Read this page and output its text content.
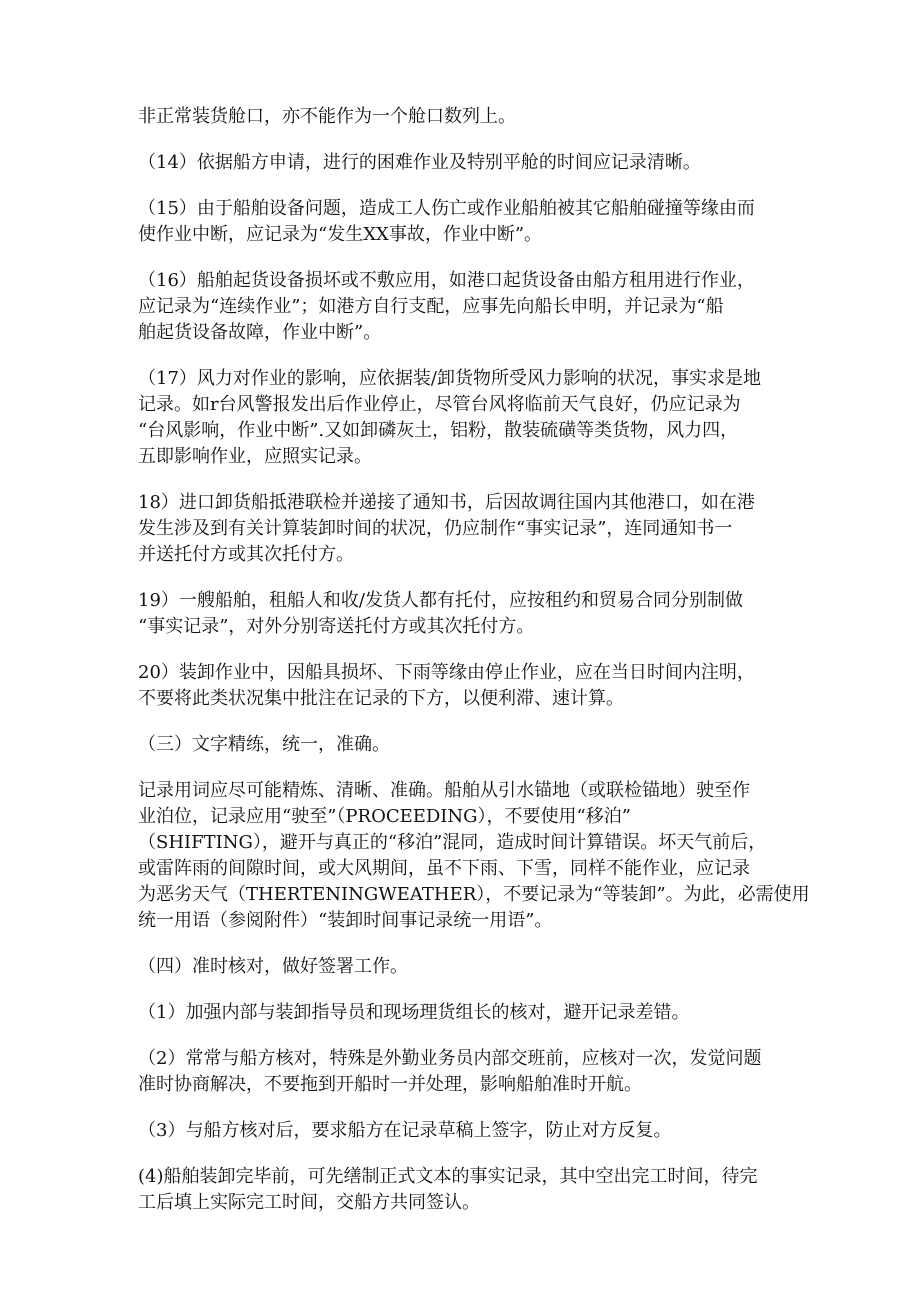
非正常装货舱口，亦不能作为一个舱口数列上。

（14）依据船方申请，进行的困难作业及特别平舱的时间应记录清晰。

（15）由于船舶设备问题，造成工人伤亡或作业船舶被其它船舶碰撞等缘由而
使作业中断，应记录为“发生XX事故，作业中断”。

（16）船舶起货设备损坏或不敷应用，如港口起货设备由船方租用进行作业，
应记录为“连续作业”；如港方自行支配，应事先向船长申明，并记录为“船
舶起货设备故障，作业中断”。

（17）风力对作业的影响，应依据装/卸货物所受风力影响的状况，事实求是地
记录。如r台风警报发出后作业停止，尽管台风将临前天气良好，仍应记录为
“台风影响，作业中断”.又如卸磷灰土，铝粉，散装硫磺等类货物，风力四，
五即影响作业，应照实记录。

18）进口卸货船抵港联检并递接了通知书，后因故调往国内其他港口，如在港
发生涉及到有关计算装卸时间的状况，仍应制作“事实记录”，连同通知书一
并送托付方或其次托付方。

19）一艘船舶，租船人和收/发货人都有托付，应按租约和贸易合同分别制做
“事实记录”，对外分别寄送托付方或其次托付方。

20）装卸作业中，因船具损坏、下雨等缘由停止作业，应在当日时间内注明，
不要将此类状况集中批注在记录的下方，以便利滞、速计算。

（三）文字精练，统一，准确。

记录用词应尽可能精炼、清晰、准确。船舶从引水锚地（或联检锚地）驶至作
业泊位，记录应用“驶至”（PROCEEDING），不要使用“移泊”
（SHIFTING），避开与真正的“移泊”混同，造成时间计算错误。坏天气前后，
或雷阵雨的间隙时间，或大风期间，虽不下雨、下雪，同样不能作业，应记录
为恶劣天气（THERTENINGWEATHER），不要记录为“等装卸”。为此，必需使用
统一用语（参阅附件）“装卸时间事记录统一用语”。

（四）准时核对，做好签署工作。

（1）加强内部与装卸指导员和现场理货组长的核对，避开记录差错。

（2）常常与船方核对，特殊是外勤业务员内部交班前，应核对一次，发觉问题
准时协商解决，不要拖到开船时一并处理，影响船舶准时开航。

（3）与船方核对后，要求船方在记录草稿上签字，防止对方反复。

(4)船舶装卸完毕前，可先缮制正式文本的事实记录，其中空出完工时间，待完
工后填上实际完工时间，交船方共同签认。
